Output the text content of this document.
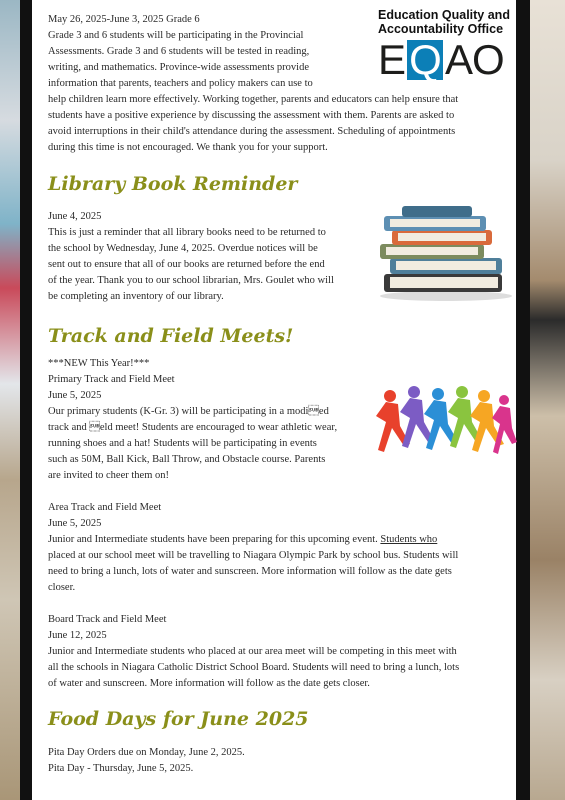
Education Quality and
Accountability Office
E Q AO

May 26, 2025-June 3, 2025 Grade 6

Grade 3 and 6 students will be participating in the Provincial

Assessments. Grade 3 and 6 students will be tested in reading,

writing, and mathematics. Province-wide assessments provide

information that parents, teachers and policy makers can use to

help children learn more effectively. Working together, parents and educators can help ensure that

students have a positive experience by discussing the assessment with them. Parents are asked to

avoid interruptions in their child's attendance during the assessment. Scheduling of appointments

during this time is not encouraged. We thank you for your support.

Library Book Reminder

June 4, 2025

This is just a reminder that all library books need to be returned to

the school by Wednesday, June 4, 2025. Overdue notices will be

sent out to ensure that all of our books are returned before the end

of the year. Thank you to our school librarian, Mrs. Goulet who will

be completing an inventory of our library.

Track and Field Meets!

***NEW This Year!***

Primary Track and Field Meet

June 5, 2025

Our primary students (K-Gr. 3) will be participating in a modied

track and eld meet! Students are encouraged to wear athletic wear,

running shoes and a hat! Students will be participating in events

such as 50M, Ball Kick, Ball Throw, and Obstacle course. Parents

are invited to cheer them on!

Area Track and Field Meet

June 5, 2025

Junior and Intermediate students have been preparing for this upcoming event. Students who

placed at our school meet will be travelling to Niagara Olympic Park by school bus. Students will

need to bring a lunch, lots of water and sunscreen. More information will follow as the date gets

closer.

Board Track and Field Meet

June 12, 2025

Junior and Intermediate students who placed at our area meet will be competing in this meet with

all the schools in Niagara Catholic District School Board. Students will need to bring a lunch, lots

of water and sunscreen. More information will follow as the date gets closer.

Food Days for June 2025

Pita Day Orders due on Monday, June 2, 2025.

Pita Day - Thursday, June 5, 2025.
